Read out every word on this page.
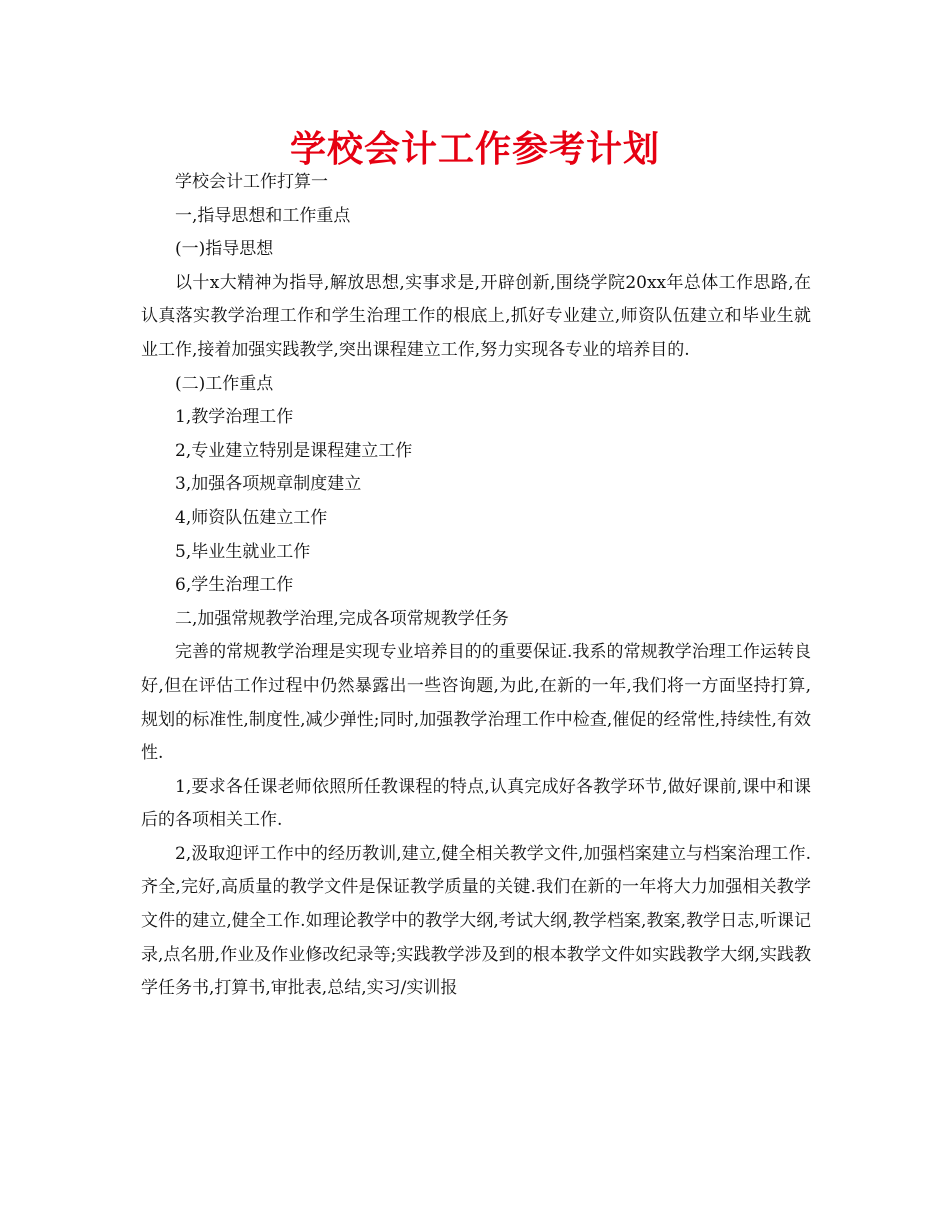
学校会计工作参考计划

学校会计工作打算一

一,指导思想和工作重点

(一)指导思想

以十x大精神为指导,解放思想,实事求是,开辟创新,围绕学院20xx年总体工作思路,在认真落实教学治理工作和学生治理工作的根底上,抓好专业建立,师资队伍建立和毕业生就业工作,接着加强实践教学,突出课程建立工作,努力实现各专业的培养目的.

(二)工作重点

1,教学治理工作

2,专业建立特别是课程建立工作

3,加强各项规章制度建立

4,师资队伍建立工作

5,毕业生就业工作

6,学生治理工作

二,加强常规教学治理,完成各项常规教学任务

完善的常规教学治理是实现专业培养目的的重要保证.我系的常规教学治理工作运转良好,但在评估工作过程中仍然暴露出一些咨询题,为此,在新的一年,我们将一方面坚持打算,规划的标准性,制度性,减少弹性;同时,加强教学治理工作中检查,催促的经常性,持续性,有效性.

1,要求各任课老师依照所任教课程的特点,认真完成好各教学环节,做好课前,课中和课后的各项相关工作.

2,汲取迎评工作中的经历教训,建立,健全相关教学文件,加强档案建立与档案治理工作.齐全,完好,高质量的教学文件是保证教学质量的关键.我们在新的一年将大力加强相关教学文件的建立,健全工作.如理论教学中的教学大纲,考试大纲,教学档案,教案,教学日志,听课记录,点名册,作业及作业修改纪录等;实践教学涉及到的根本教学文件如实践教学大纲,实践教学任务书,打算书,审批表,总结,实习/实训报
